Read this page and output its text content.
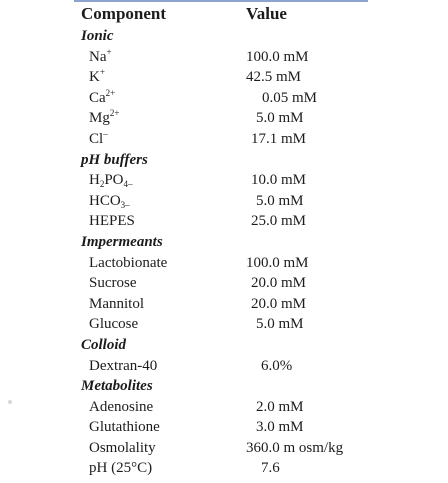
Component	Value
Ionic
Na+	100.0 mM
K+	42.5 mM
$Ca^{2+}$	0.05 mM
$Mg^{2+}$	5.0 mM
Cl–	17.1 mM
pH buffers
$H_2PO_{4-}$	10.0 mM
$HCO_{3-}$	5.0 mM
HEPES	25.0 mM
Impermeants
Lactobionate	100.0 mM
Sucrose	20.0 mM
Mannitol	20.0 mM
Glucose	5.0 mM
Colloid
Dextran-40	6.0%
Metabolites
Adenosine	2.0 mM
Glutathione	3.0 mM
Osmolality	360.0 m osm/kg
pH (25°C)	7.6
